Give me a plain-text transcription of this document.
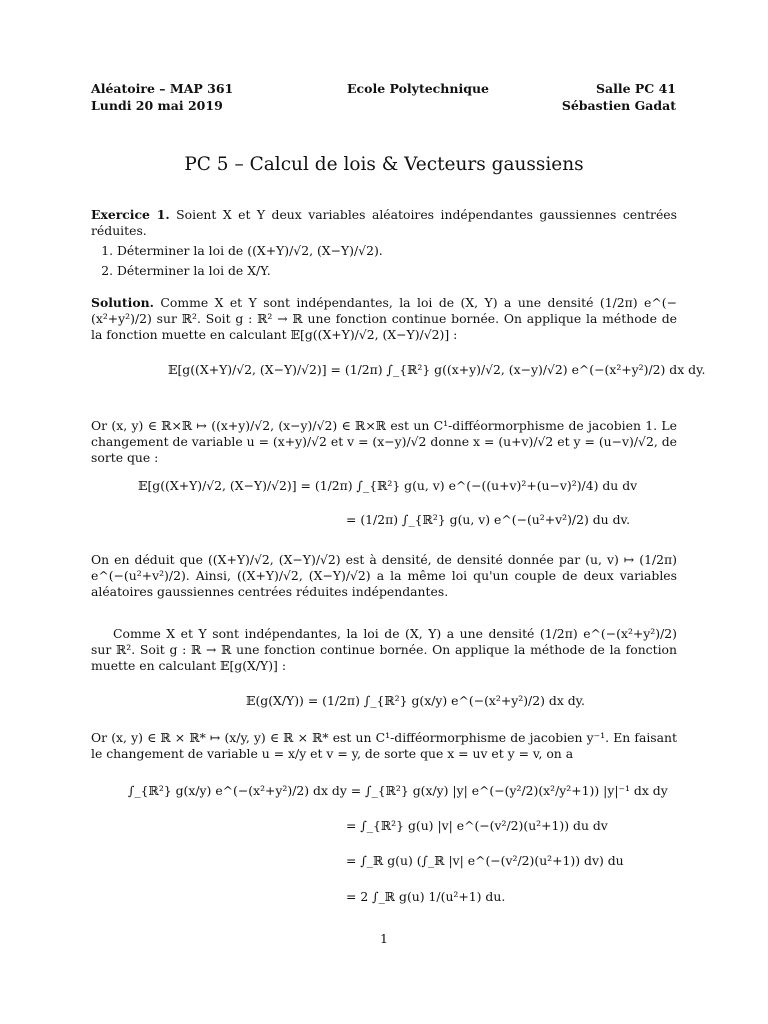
Aléatoire – MAP 361
Lundi 20 mai 2019
Ecole Polytechnique	Salle PC 41
Sébastien Gadat
PC 5 – Calcul de lois & Vecteurs gaussiens
Exercice 1. Soient X et Y deux variables aléatoires indépendantes gaussiennes centrées réduites.
1. Déterminer la loi de ((X+Y)/√2, (X−Y)/√2).
2. Déterminer la loi de X/Y.
Solution. Comme X et Y sont indépendantes, la loi de (X, Y) a une densité (1/2π) e^(−(x²+y²)/2) sur ℝ². Soit g : ℝ² → ℝ une fonction continue bornée. On applique la méthode de la fonction muette en calculant 𝔼[g((X+Y)/√2, (X−Y)/√2)] :
𝔼[g((X+Y)/√2, (X−Y)/√2)] = (1/2π) ∫_{ℝ²} g((x+y)/√2, (x−y)/√2) e^(−(x²+y²)/2) dx dy.
Or (x, y) ∈ ℝ×ℝ ↦ ((x+y)/√2, (x−y)/√2) ∈ ℝ×ℝ est un C¹-difféormorphisme de jacobien 1. Le changement de variable u = (x+y)/√2 et v = (x−y)/√2 donne x = (u+v)/√2 et y = (u−v)/√2, de sorte que :
𝔼[g((X+Y)/√2, (X−Y)/√2)] = (1/2π) ∫_{ℝ²} g(u, v) e^(−((u+v)²+(u−v)²)/4) du dv
= (1/2π) ∫_{ℝ²} g(u, v) e^(−(u²+v²)/2) du dv.
On en déduit que ((X+Y)/√2, (X−Y)/√2) est à densité, de densité donnée par (u, v) ↦ (1/2π) e^(−(u²+v²)/2). Ainsi, ((X+Y)/√2, (X−Y)/√2) a la même loi qu'un couple de deux variables aléatoires gaussiennes centrées réduites indépendantes.
Comme X et Y sont indépendantes, la loi de (X, Y) a une densité (1/2π) e^(−(x²+y²)/2) sur ℝ². Soit g : ℝ → ℝ une fonction continue bornée. On applique la méthode de la fonction muette en calculant 𝔼[g(X/Y)] :
𝔼(g(X/Y)) = (1/2π) ∫_{ℝ²} g(x/y) e^(−(x²+y²)/2) dx dy.
Or (x, y) ∈ ℝ × ℝ* ↦ (x/y, y) ∈ ℝ × ℝ* est un C¹-difféormorphisme de jacobien y⁻¹. En faisant le changement de variable u = x/y et v = y, de sorte que x = uv et y = v, on a
∫_{ℝ²} g(x/y) e^(−(x²+y²)/2) dx dy = ∫_{ℝ²} g(x/y) |y| e^(−(y²/2)(x²/y²+1)) |y|⁻¹ dx dy
= ∫_{ℝ²} g(u) |v| e^(−(v²/2)(u²+1)) du dv
= ∫_ℝ g(u) (∫_ℝ |v| e^(−(v²/2)(u²+1)) dv) du
= 2 ∫_ℝ g(u) 1/(u²+1) du.
1
